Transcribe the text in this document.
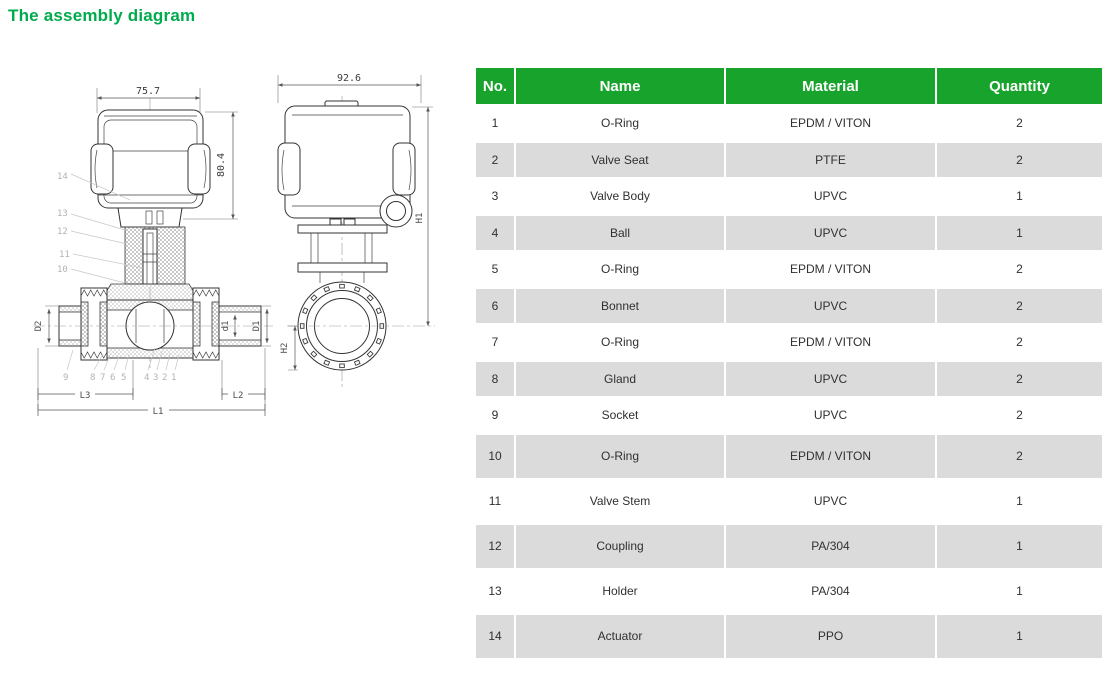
The assembly diagram
75.7
80.4
D2	d1 D1
14
13
12
11
10
9 8 7 6 5 4 3 2 1
L3	L2
L1
92.6
H1
H2
No.	Name	Material	Quantity
1	O-Ring	EPDM / VITON	2
2	Valve Seat	PTFE	2
3	Valve Body	UPVC	1
4	Ball	UPVC	1
5	O-Ring	EPDM / VITON	2
6	Bonnet	UPVC	2
7	O-Ring	EPDM / VITON	2
8	Gland	UPVC	2
9	Socket	UPVC	2
10	O-Ring	EPDM / VITON	2
11	Valve Stem	UPVC	1
12	Coupling	PA/304	1
13	Holder	PA/304	1
14	Actuator	PPO	1
